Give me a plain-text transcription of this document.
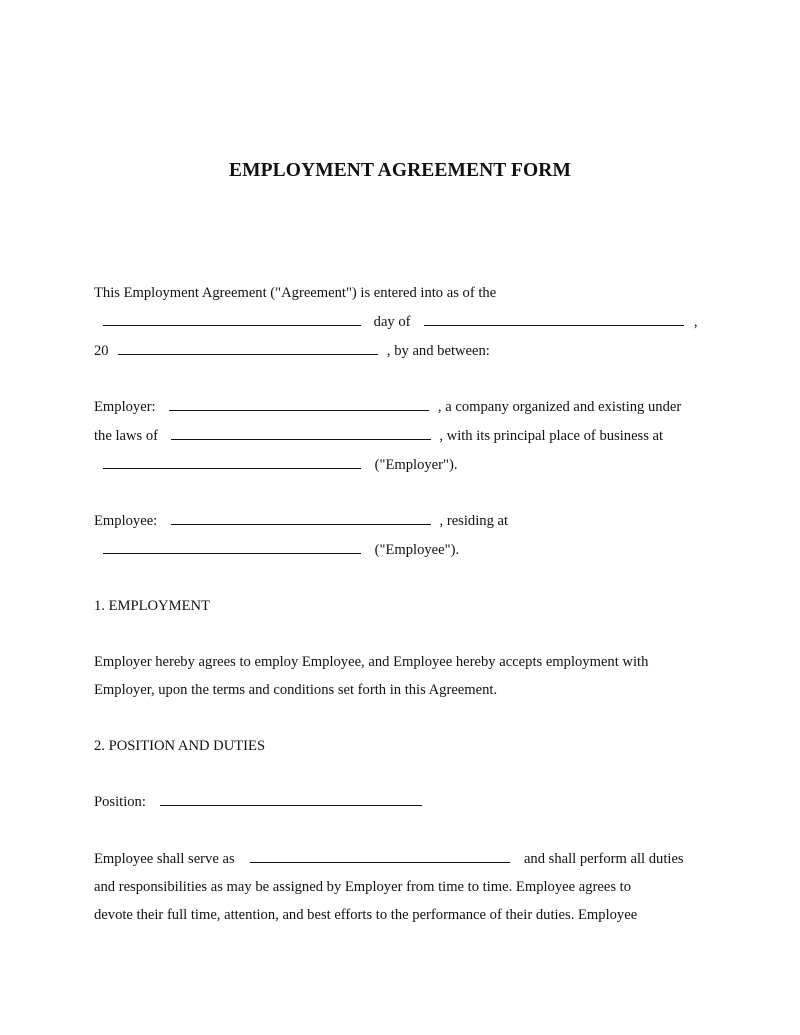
EMPLOYMENT AGREEMENT FORM
This Employment Agreement ("Agreement") is entered into as of the
day of	,
20	, by and between:
Employer:	, a company organized and existing under
the laws of	, with its principal place of business at
("Employer").
Employee:	, residing at
("Employee").
1. EMPLOYMENT
Employer hereby agrees to employ Employee, and Employee hereby accepts employment with
Employer, upon the terms and conditions set forth in this Agreement.
2. POSITION AND DUTIES
Position:
Employee shall serve as	and shall perform all duties
and responsibilities as may be assigned by Employer from time to time. Employee agrees to
devote their full time, attention, and best efforts to the performance of their duties. Employee
